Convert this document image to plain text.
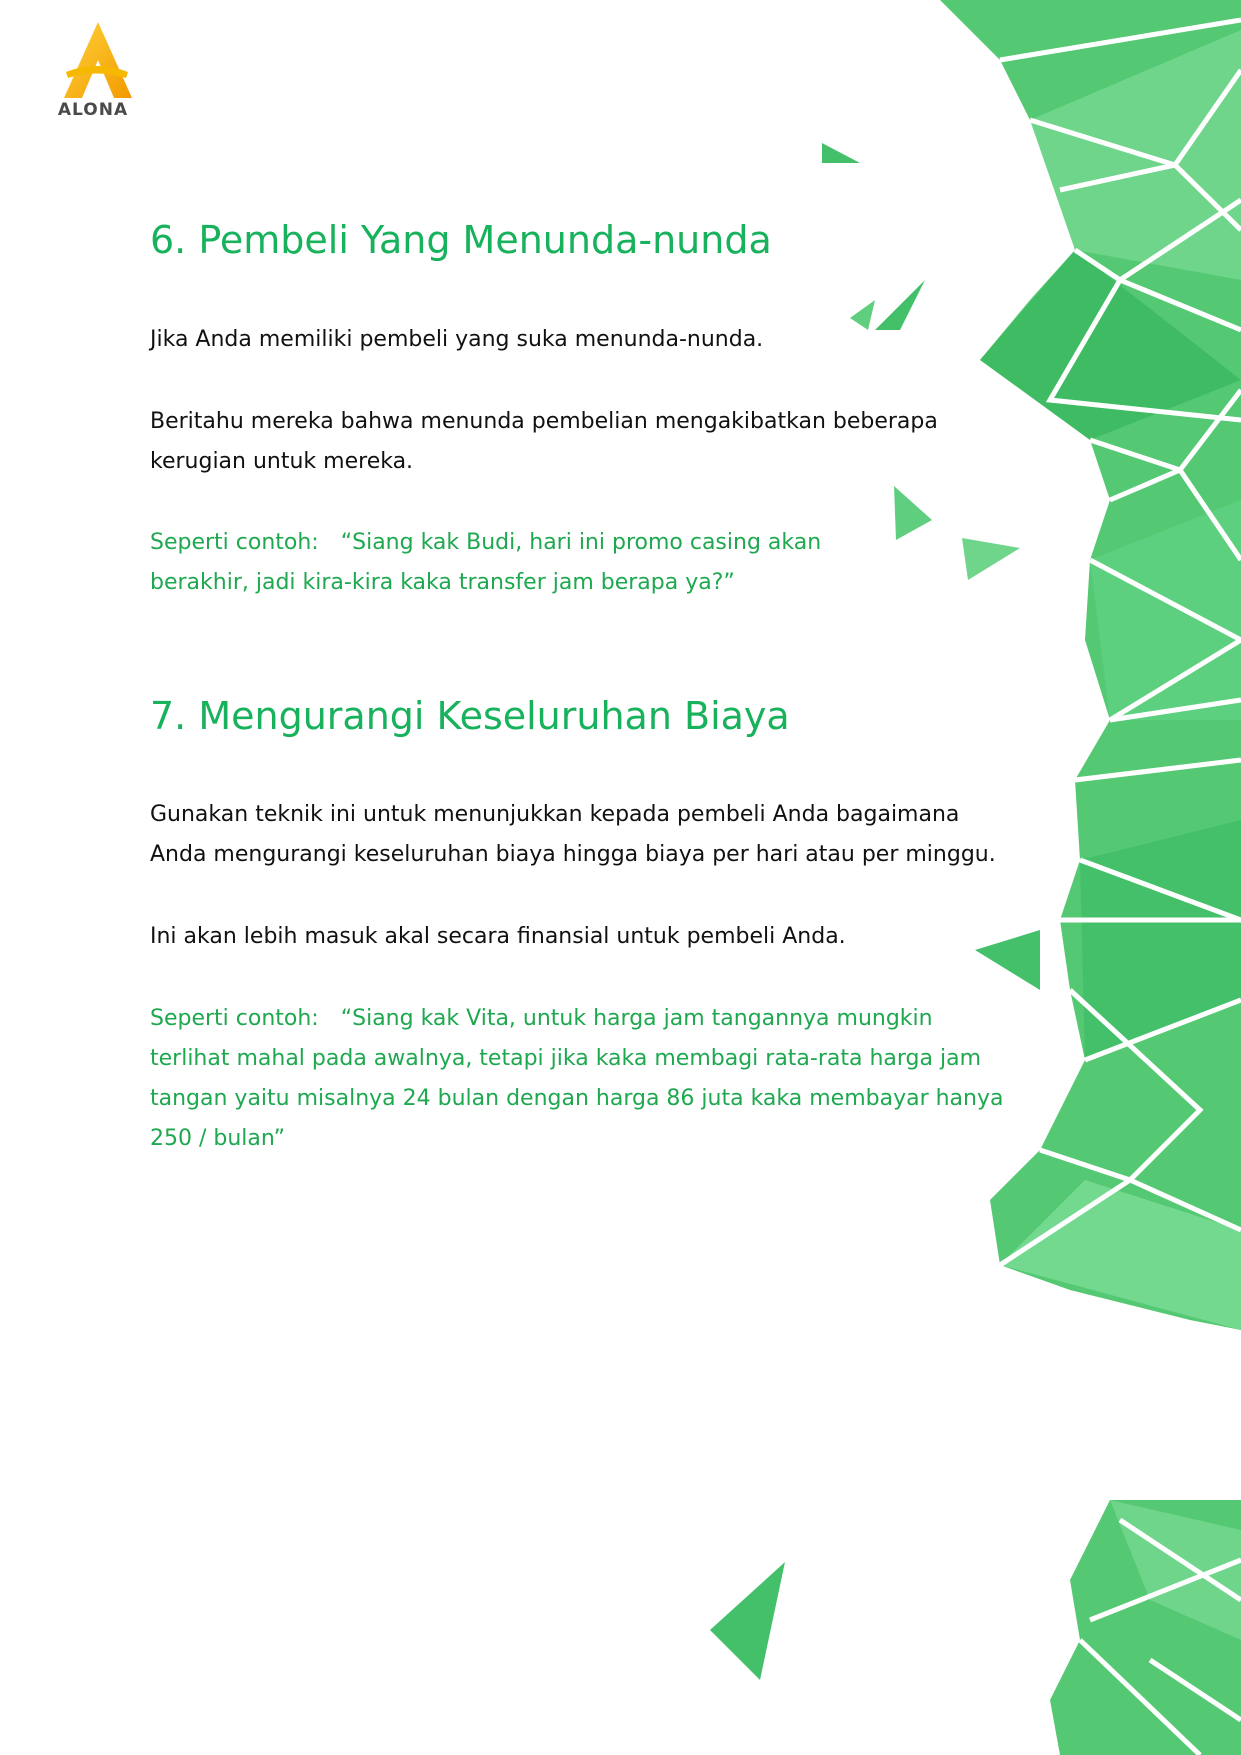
ALONA
6. Pembeli Yang Menunda-nunda

Jika Anda memiliki pembeli yang suka menunda-nunda.

Beritahu mereka bahwa menunda pembelian mengakibatkan beberapa

kerugian untuk mereka.

Seperti contoh: “Siang kak Budi, hari ini promo casing akan

berakhir, jadi kira-kira kaka transfer jam berapa ya?”

7. Mengurangi Keseluruhan Biaya

Gunakan teknik ini untuk menunjukkan kepada pembeli Anda bagaimana

Anda mengurangi keseluruhan biaya hingga biaya per hari atau per minggu.

Ini akan lebih masuk akal secara finansial untuk pembeli Anda.

Seperti contoh: “Siang kak Vita, untuk harga jam tangannya mungkin

terlihat mahal pada awalnya, tetapi jika kaka membagi rata-rata harga jam

tangan yaitu misalnya 24 bulan dengan harga 86 juta kaka membayar hanya

250 / bulan”
